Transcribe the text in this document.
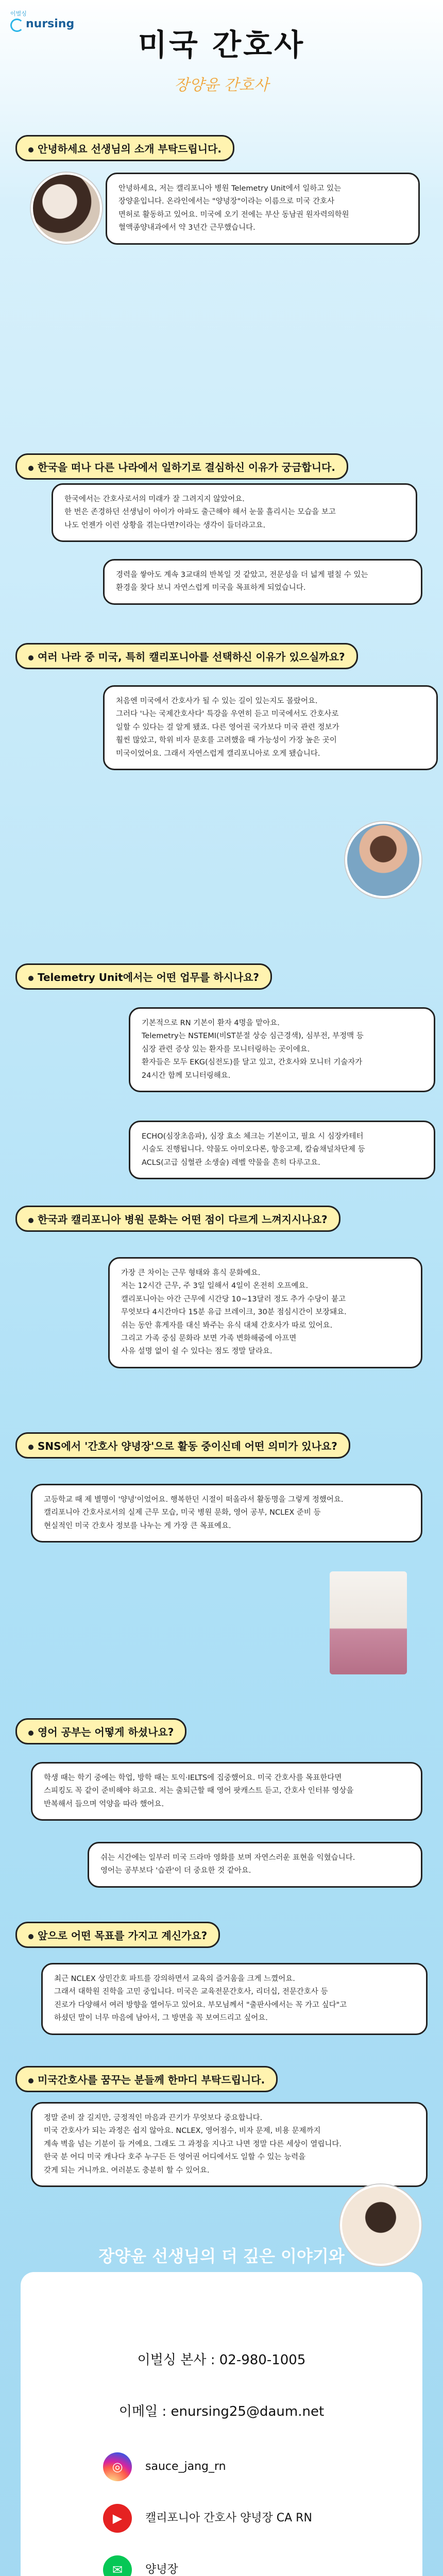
이벌싱
nursing
미국 간호사
장양윤 간호사
안녕하세요 선생님의 소개 부탁드립니다.

안녕하세요, 저는 캘리포니아 병원 Telemetry Unit에서 일하고 있는

장양윤입니다. 온라인에서는 "양녕장"이라는 이름으로 미국 간호사

면허로 활동하고 있어요. 미국에 오기 전에는 부산 동남권 원자력의학원

혈액종양내과에서 약 3년간 근무했습니다.

한국을 떠나 다른 나라에서 일하기로 결심하신 이유가 궁금합니다.

한국에서는 간호사로서의 미래가 잘 그려지지 않았어요.

한 번은 존경하던 선생님이 아이가 아파도 출근해야 해서 눈물 흘리시는 모습을 보고

나도 언젠가 이런 상황을 겪는다면?이라는 생각이 들더라고요.

경력을 쌓아도 계속 3교대의 반복일 것 같았고, 전문성을 더 넓게 펼칠 수 있는

환경을 찾다 보니 자연스럽게 미국을 목표하게 되었습니다.

여러 나라 중 미국, 특히 캘리포니아를 선택하신 이유가 있으실까요?

처음엔 미국에서 간호사가 될 수 있는 길이 있는지도 몰랐어요.

그러다 '나는 국제간호사다' 특강을 우연히 듣고 미국에서도 간호사로

일할 수 있다는 걸 알게 됐죠. 다른 영어권 국가보다 미국 관련 정보가

훨씬 많았고, 학위 비자 문호를 고려했을 때 가능성이 가장 높은 곳이

미국이었어요. 그래서 자연스럽게 캘리포니아로 오게 됐습니다.

Telemetry Unit에서는 어떤 업무를 하시나요?

기본적으로 RN 기본이 환자 4명을 맡아요.

Telemetry는 NSTEMI(비ST분절 상승 심근경색), 심부전, 부정맥 등

심장 관련 증상 있는 환자를 모니터링하는 곳이에요.

환자들은 모두 EKG(심전도)를 달고 있고, 간호사와 모니터 기술자가

24시간 함께 모니터링해요.

ECHO(심장초음파), 심장 효소 체크는 기본이고, 필요 시 심장카테터

시술도 진행됩니다. 약물도 아미오다론, 항응고제, 칼슘채널차단제 등

ACLS(고급 심혈관 소생술) 레벨 약물을 흔히 다루고요.

한국과 캘리포니아 병원 문화는 어떤 점이 다르게 느껴지시나요?

가장 큰 차이는 근무 형태와 휴식 문화예요.

저는 12시간 근무, 주 3일 일해서 4일이 온전히 오프예요.

캘리포니아는 아간 근무에 시간당 10~13달러 정도 추가 수당이 붙고

무엇보다 4시간마다 15분 유급 브레이크, 30분 점심시간이 보장돼요.

쉬는 동안 휴게자를 대신 봐주는 유식 대체 간호사가 따로 있어요.

그리고 가족 중심 문화라 보면 가족 변화해줌에 아프면

사유 설명 없이 쉴 수 있다는 점도 정말 달라요.

SNS에서 '간호사 양녕장'으로 활동 중이신데 어떤 의미가 있나요?

고등학교 때 제 별명이 '양녕'이었어요. 행복한던 시절이 떠올라서 활동명을 그렇게 정했어요.

캘리포니아 간호사로서의 실제 근무 모습, 미국 병원 문화, 영어 공부, NCLEX 준비 등

현실적인 미국 간호사 정보를 나누는 게 가장 큰 목표예요.

영어 공부는 어떻게 하셨나요?

학생 때는 학기 중에는 학업, 방학 때는 토익·IELTS에 집중했어요. 미국 간호사를 목표한다면

스피킹도 꼭 같이 준비해야 하고요. 저는 출퇴근할 때 영어 팟캐스트 듣고, 간호사 인터뷰 영상을

반복해서 들으며 억양을 따라 했어요.

쉬는 시간에는 일부러 미국 드라마 영화를 보며 자연스러운 표현을 익혔습니다.

영어는 공부보다 '습관'이 더 중요한 것 같아요.

앞으로 어떤 목표를 가지고 계신가요?

최근 NCLEX 상민간호 파트를 강의하면서 교육의 즐거움을 크게 느꼈어요.

그래서 대학원 진학을 고민 중입니다. 미국은 교육전문간호사, 리더십, 전문간호사 등

진로가 다양해서 여러 방향을 열어두고 있어요. 부모님께서 "출판사에서는 꼭 가고 싶다"고

하셨던 말이 너무 마음에 남아서, 그 방면을 꼭 보여드리고 싶어요.

미국간호사를 꿈꾸는 분들께 한마디 부탁드립니다.

정말 준비 잘 길지만, 긍정적인 마음과 끈기가 무엇보다 중요합니다.

미국 간호사가 되는 과정은 쉽지 않아요. NCLEX, 영어점수, 비자 문제, 비용 문제까지

계속 벽을 넘는 기분이 들 거예요. 그래도 그 과정을 지나고 나면 정말 다른 세상이 열립니다.

한국 분 어디 미국 캐나다 호주 누구든 든 영어권 어디에서도 일할 수 있는 능력을

갖게 되는 거니까요. 여러분도 충분히 할 수 있어요.

장양윤 선생님의 더 깊은 이야기와
연락 방법이 궁금하다면?
이벌싱 본사 : 02-980-1005
이메일 : enursing25@daum.net
◎ sauce_jang_rn
▶ 캘리포니아 간호사 양녕장 CA RN
✉ 양녕장
